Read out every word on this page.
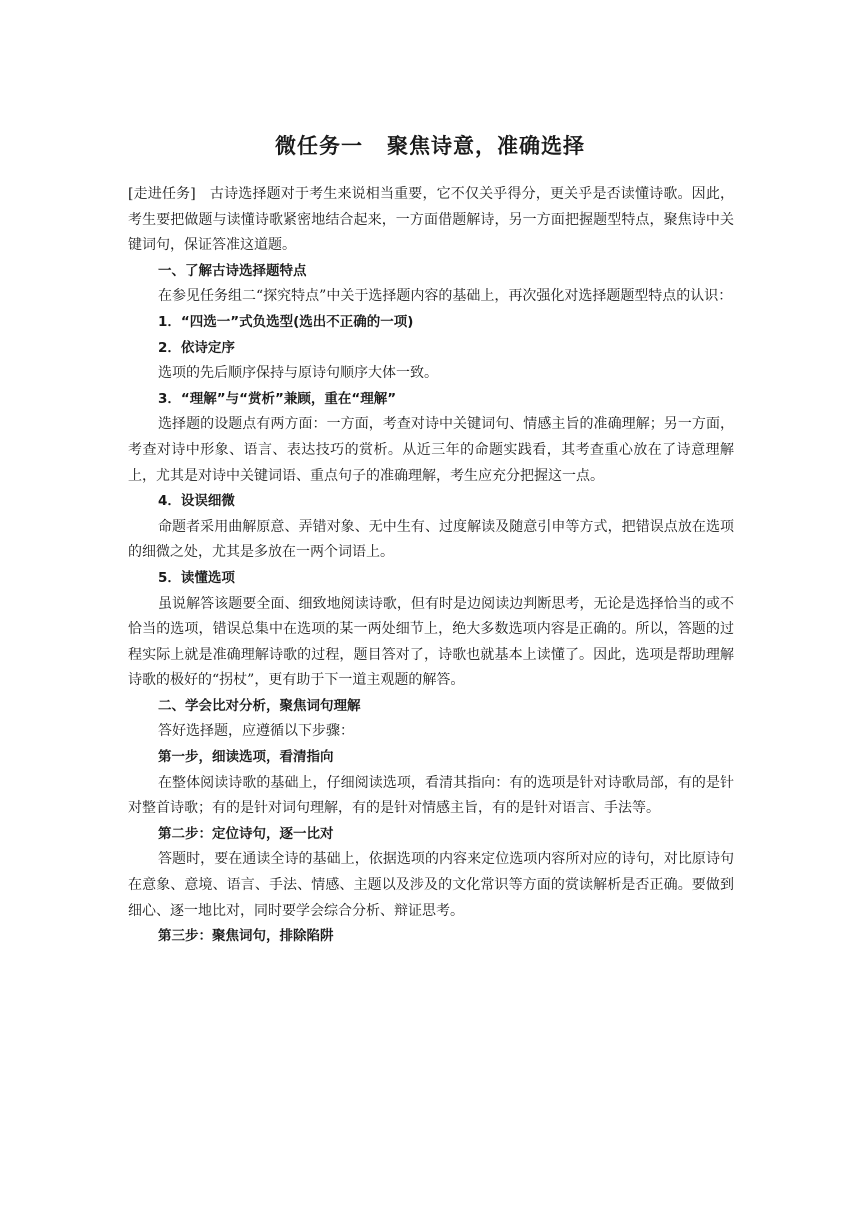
微任务一 聚焦诗意，准确选择

[走进任务] 古诗选择题对于考生来说相当重要，它不仅关乎得分，更关乎是否读懂诗歌。因此，考生要把做题与读懂诗歌紧密地结合起来，一方面借题解诗，另一方面把握题型特点，聚焦诗中关键词句，保证答准这道题。

一、了解古诗选择题特点

在参见任务组二“探究特点”中关于选择题内容的基础上，再次强化对选择题题型特点的认识：

1．“四选一”式负选型(选出不正确的一项)

2．依诗定序

选项的先后顺序保持与原诗句顺序大体一致。

3．“理解”与“赏析”兼顾，重在“理解”

选择题的设题点有两方面：一方面，考查对诗中关键词句、情感主旨的准确理解；另一方面，考查对诗中形象、语言、表达技巧的赏析。从近三年的命题实践看，其考查重心放在了诗意理解上，尤其是对诗中关键词语、重点句子的准确理解，考生应充分把握这一点。

4．设误细微

命题者采用曲解原意、弄错对象、无中生有、过度解读及随意引申等方式，把错误点放在选项的细微之处，尤其是多放在一两个词语上。

5．读懂选项

虽说解答该题要全面、细致地阅读诗歌，但有时是边阅读边判断思考，无论是选择恰当的或不恰当的选项，错误总集中在选项的某一两处细节上，绝大多数选项内容是正确的。所以，答题的过程实际上就是准确理解诗歌的过程，题目答对了，诗歌也就基本上读懂了。因此，选项是帮助理解诗歌的极好的“拐杖”，更有助于下一道主观题的解答。

二、学会比对分析，聚焦词句理解

答好选择题，应遵循以下步骤：

第一步，细读选项，看清指向

在整体阅读诗歌的基础上，仔细阅读选项，看清其指向：有的选项是针对诗歌局部，有的是针对整首诗歌；有的是针对词句理解，有的是针对情感主旨，有的是针对语言、手法等。

第二步：定位诗句，逐一比对

答题时，要在通读全诗的基础上，依据选项的内容来定位选项内容所对应的诗句，对比原诗句在意象、意境、语言、手法、情感、主题以及涉及的文化常识等方面的赏读解析是否正确。要做到细心、逐一地比对，同时要学会综合分析、辩证思考。

第三步：聚焦词句，排除陷阱
